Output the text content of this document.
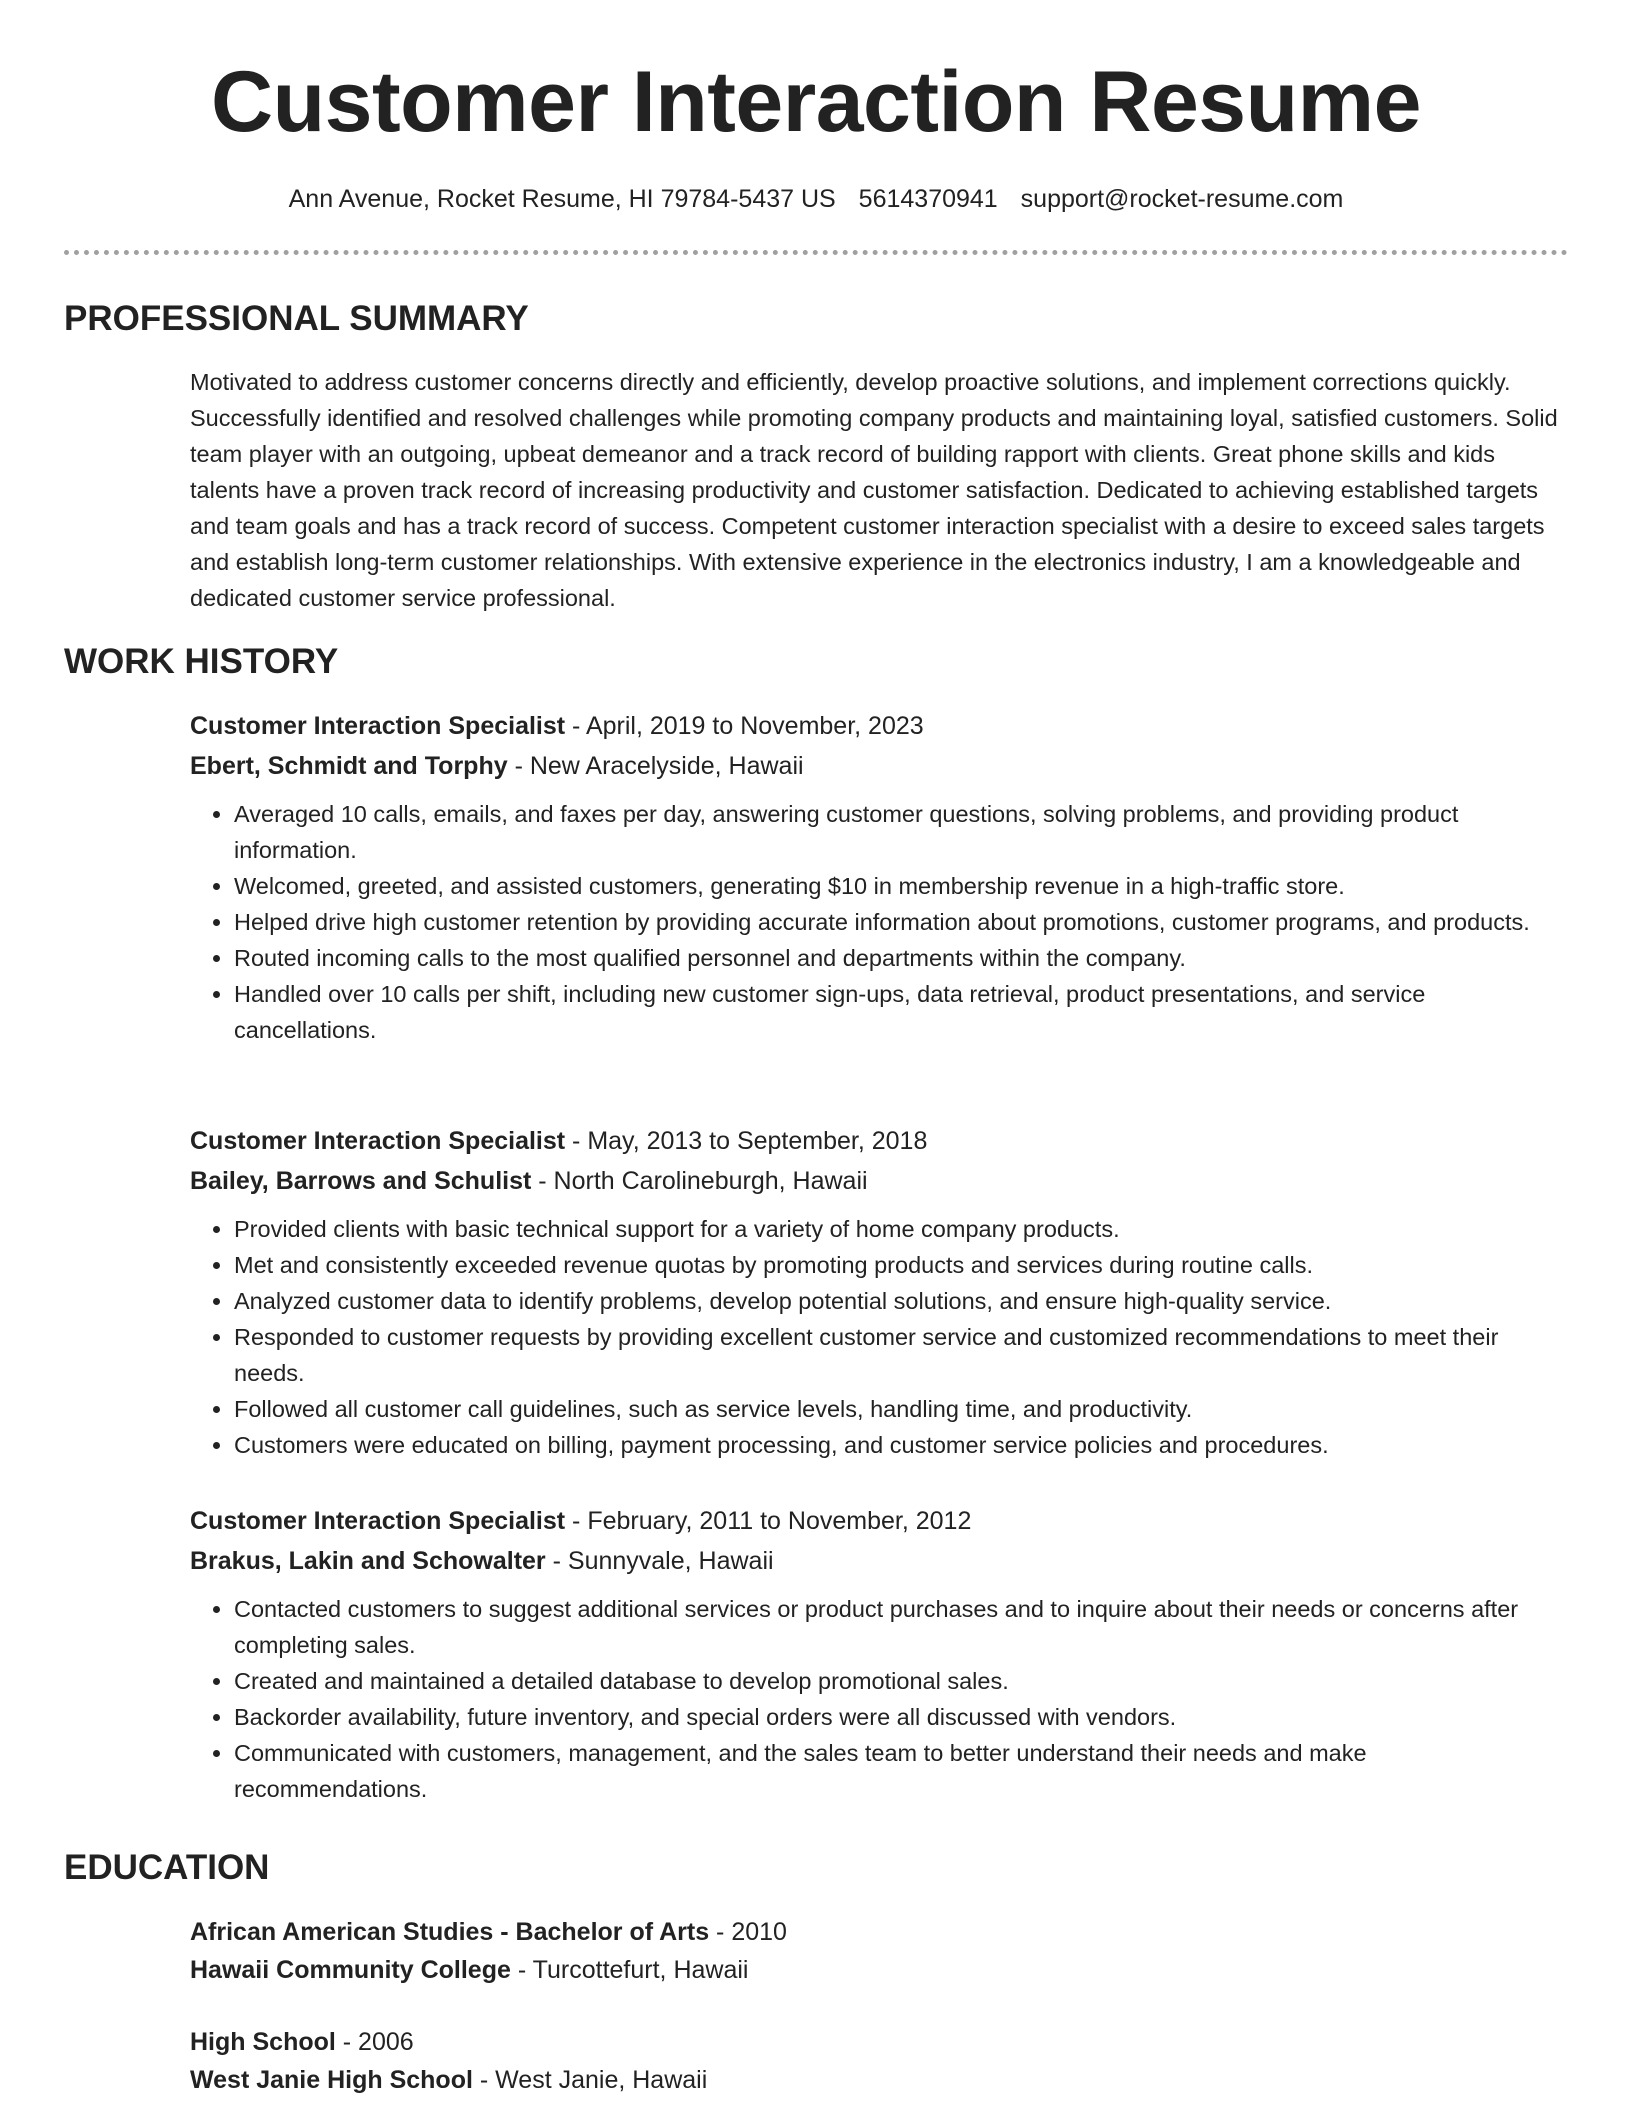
Customer Interaction Resume
Ann Avenue, Rocket Resume, HI 79784-5437 US 5614370941 support@rocket-resume.com
PROFESSIONAL SUMMARY
Motivated to address customer concerns directly and efficiently, develop proactive solutions, and implement corrections quickly. Successfully identified and resolved challenges while promoting company products and maintaining loyal, satisfied customers. Solid team player with an outgoing, upbeat demeanor and a track record of building rapport with clients. Great phone skills and kids talents have a proven track record of increasing productivity and customer satisfaction. Dedicated to achieving established targets and team goals and has a track record of success. Competent customer interaction specialist with a desire to exceed sales targets and establish long-term customer relationships. With extensive experience in the electronics industry, I am a knowledgeable and dedicated customer service professional.
WORK HISTORY
Customer Interaction Specialist - April, 2019 to November, 2023
Ebert, Schmidt and Torphy - New Aracelyside, Hawaii
• Averaged 10 calls, emails, and faxes per day, answering customer questions, solving problems, and providing product information.
• Welcomed, greeted, and assisted customers, generating $10 in membership revenue in a high-traffic store.
• Helped drive high customer retention by providing accurate information about promotions, customer programs, and products.
• Routed incoming calls to the most qualified personnel and departments within the company.
• Handled over 10 calls per shift, including new customer sign-ups, data retrieval, product presentations, and service cancellations.
Customer Interaction Specialist - May, 2013 to September, 2018
Bailey, Barrows and Schulist - North Carolineburgh, Hawaii
• Provided clients with basic technical support for a variety of home company products.
• Met and consistently exceeded revenue quotas by promoting products and services during routine calls.
• Analyzed customer data to identify problems, develop potential solutions, and ensure high-quality service.
• Responded to customer requests by providing excellent customer service and customized recommendations to meet their needs.
• Followed all customer call guidelines, such as service levels, handling time, and productivity.
• Customers were educated on billing, payment processing, and customer service policies and procedures.
Customer Interaction Specialist - February, 2011 to November, 2012
Brakus, Lakin and Schowalter - Sunnyvale, Hawaii
• Contacted customers to suggest additional services or product purchases and to inquire about their needs or concerns after completing sales.
• Created and maintained a detailed database to develop promotional sales.
• Backorder availability, future inventory, and special orders were all discussed with vendors.
• Communicated with customers, management, and the sales team to better understand their needs and make recommendations.
EDUCATION
African American Studies - Bachelor of Arts - 2010
Hawaii Community College - Turcottefurt, Hawaii
High School - 2006
West Janie High School - West Janie, Hawaii
